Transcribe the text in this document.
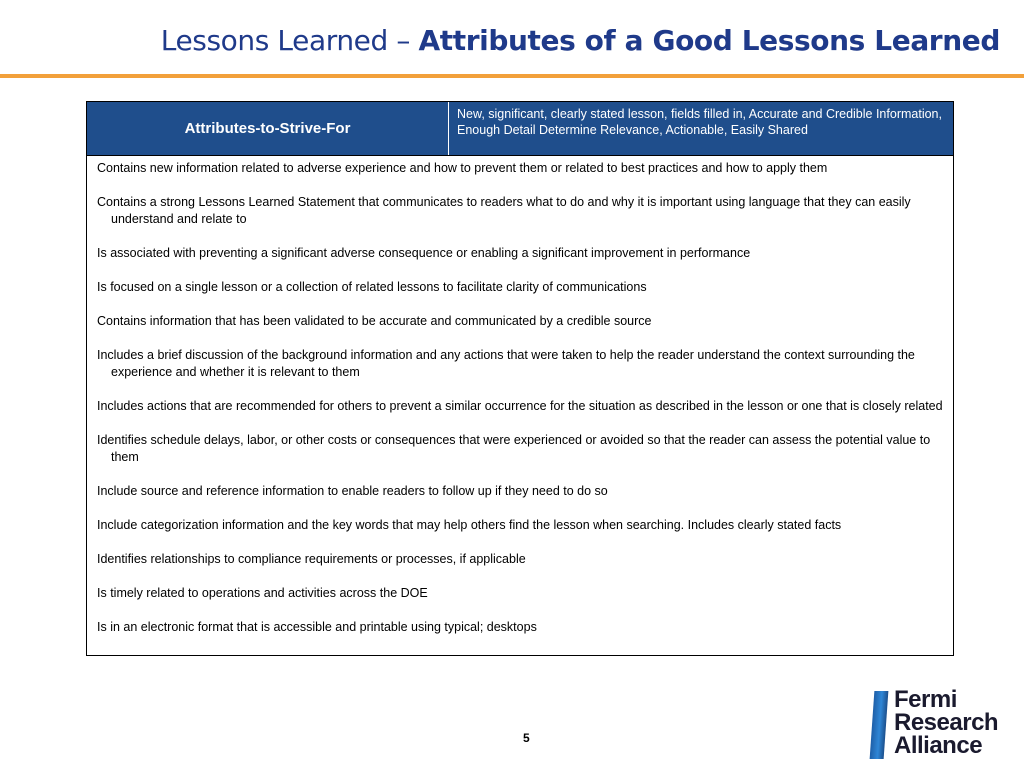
Lessons Learned – Attributes of a Good Lessons Learned
Attributes-to-Strive-For
New, significant, clearly stated lesson, fields filled in, Accurate and Credible Information, Enough Detail Determine Relevance, Actionable, Easily Shared

Contains new information related to adverse experience and how to prevent them or related to best practices and how to apply them

Contains a strong Lessons Learned Statement that communicates to readers what to do and why it is important using language that they can easily understand and relate to

Is associated with preventing a significant adverse consequence or enabling a significant improvement in performance

Is focused on a single lesson or a collection of related lessons to facilitate clarity of communications

Contains information that has been validated to be accurate and communicated by a credible source

Includes a brief discussion of the background information and any actions that were taken to help the reader understand the context surrounding the experience and whether it is relevant to them

Includes actions that are recommended for others to prevent a similar occurrence for the situation as described in the lesson or one that is closely related

Identifies schedule delays, labor, or other costs or consequences that were experienced or avoided so that the reader can assess the potential value to them

Include source and reference information to enable readers to follow up if they need to do so

Include categorization information and the key words that may help others find the lesson when searching. Includes clearly stated facts

Identifies relationships to compliance requirements or processes, if applicable

Is timely related to operations and activities across the DOE

Is in an electronic format that is accessible and printable using typical; desktops

5
Fermi
Research
Alliance
